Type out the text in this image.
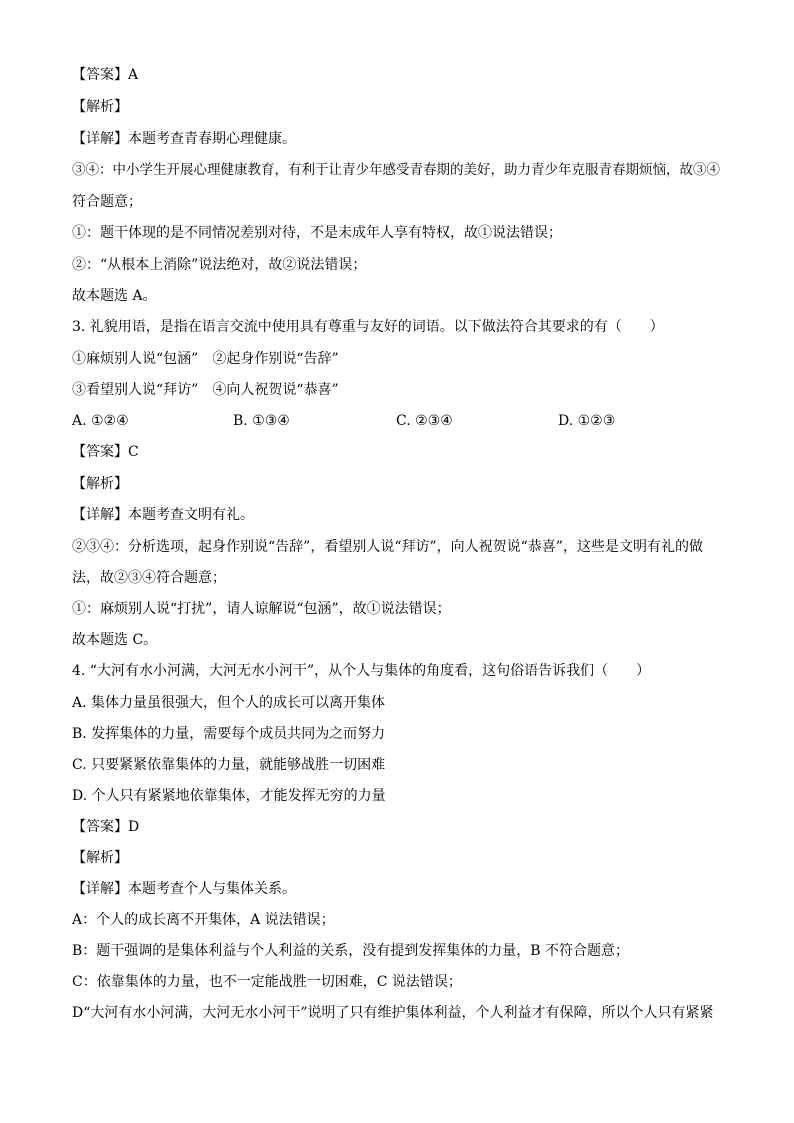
【答案】A
【解析】
【详解】本题考查青春期心理健康。
③④：中小学生开展心理健康教育，有利于让青少年感受青春期的美好，助力青少年克服青春期烦恼，故③④
符合题意；
①：题干体现的是不同情况差别对待，不是未成年人享有特权，故①说法错误；
②：“从根本上消除”说法绝对，故②说法错误；
故本题选 A。
3. 礼貌用语，是指在语言交流中使用具有尊重与友好的词语。以下做法符合其要求的有（　　）
①麻烦别人说“包涵”　②起身作别说“告辞”
③看望别人说“拜访”　④向人祝贺说“恭喜”
A. ①②④	B. ①③④	C. ②③④	D. ①②③
【答案】C
【解析】
【详解】本题考查文明有礼。
②③④：分析选项，起身作别说“告辞”，看望别人说“拜访”，向人祝贺说“恭喜”，这些是文明有礼的做
法，故②③④符合题意；
①：麻烦别人说“打扰”，请人谅解说“包涵”，故①说法错误；
故本题选 C。
4. “大河有水小河满，大河无水小河干”，从个人与集体的角度看，这句俗语告诉我们（　　）
A. 集体力量虽很强大，但个人的成长可以离开集体
B. 发挥集体的力量，需要每个成员共同为之而努力
C. 只要紧紧依靠集体的力量，就能够战胜一切困难
D. 个人只有紧紧地依靠集体，才能发挥无穷的力量
【答案】D
【解析】
【详解】本题考查个人与集体关系。
A：个人的成长离不开集体，A 说法错误；
B：题干强调的是集体利益与个人利益的关系，没有提到发挥集体的力量，B 不符合题意；
C：依靠集体的力量，也不一定能战胜一切困难，C 说法错误；
D“大河有水小河满，大河无水小河干”说明了只有维护集体利益，个人利益才有保障，所以个人只有紧紧
